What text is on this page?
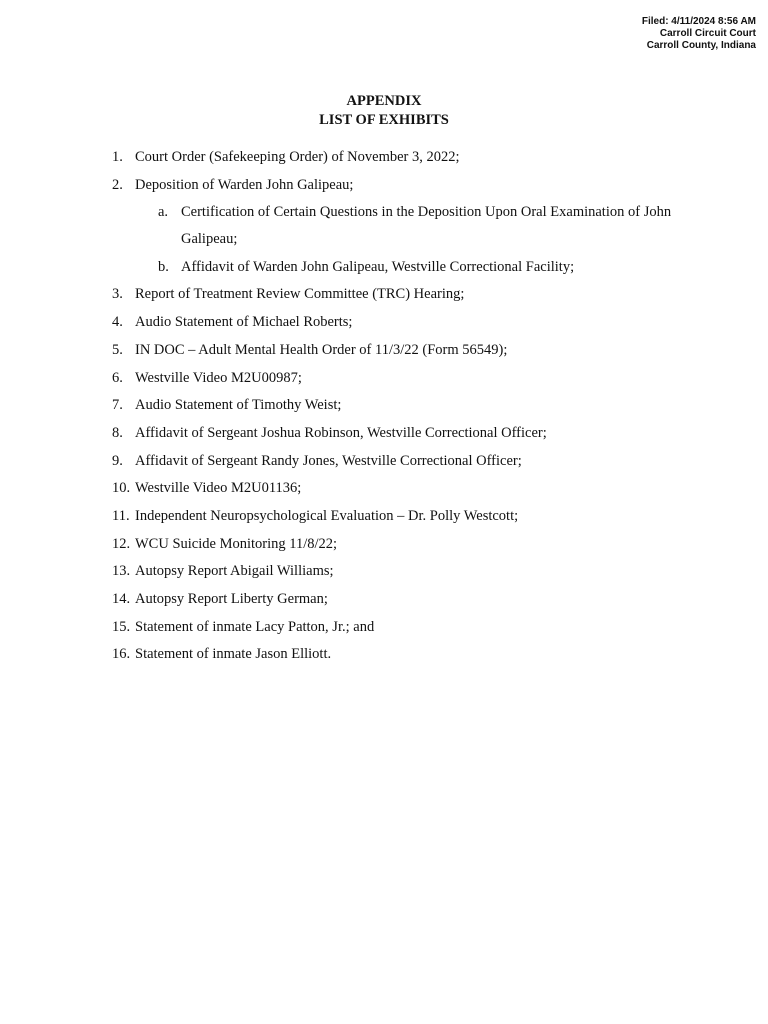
Filed: 4/11/2024 8:56 AM
Carroll Circuit Court
Carroll County, Indiana
APPENDIX
LIST OF EXHIBITS
1. Court Order (Safekeeping Order) of November 3, 2022;
2. Deposition of Warden John Galipeau;
a. Certification of Certain Questions in the Deposition Upon Oral Examination of John Galipeau;
b. Affidavit of Warden John Galipeau, Westville Correctional Facility;
3. Report of Treatment Review Committee (TRC) Hearing;
4. Audio Statement of Michael Roberts;
5. IN DOC – Adult Mental Health Order of 11/3/22 (Form 56549);
6. Westville Video M2U00987;
7. Audio Statement of Timothy Weist;
8. Affidavit of Sergeant Joshua Robinson, Westville Correctional Officer;
9. Affidavit of Sergeant Randy Jones, Westville Correctional Officer;
10. Westville Video M2U01136;
11. Independent Neuropsychological Evaluation – Dr. Polly Westcott;
12. WCU Suicide Monitoring 11/8/22;
13. Autopsy Report Abigail Williams;
14. Autopsy Report Liberty German;
15. Statement of inmate Lacy Patton, Jr.; and
16. Statement of inmate Jason Elliott.
